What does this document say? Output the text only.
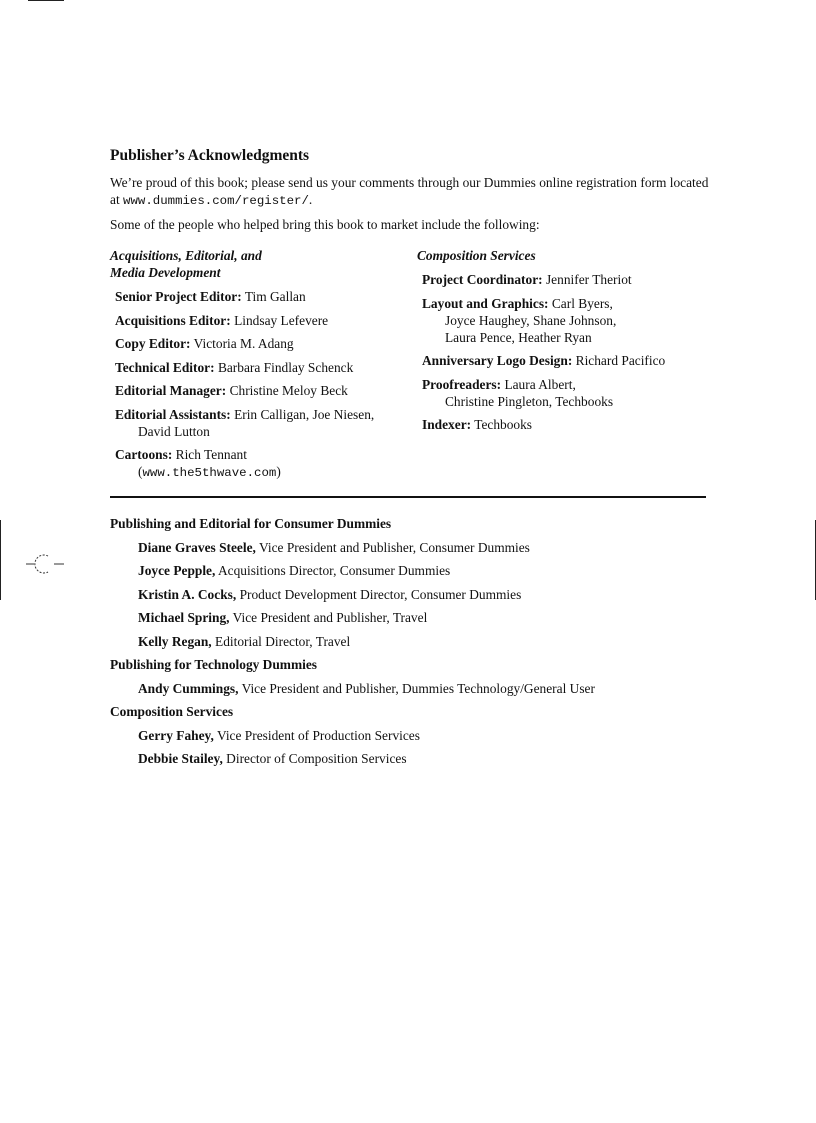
Publisher’s Acknowledgments

We’re proud of this book; please send us your comments through our Dummies online registration form located at www.dummies.com/register/.

Some of the people who helped bring this book to market include the following:

Acquisitions, Editorial, and
Media Development
Senior Project Editor: Tim Gallan
Acquisitions Editor: Lindsay Lefevere
Copy Editor: Victoria M. Adang
Technical Editor: Barbara Findlay Schenck
Editorial Manager: Christine Meloy Beck
Editorial Assistants: Erin Calligan, Joe Niesen,
David Lutton
Cartoons: Rich Tennant
(www.the5thwave.com)
Composition Services
Project Coordinator: Jennifer Theriot
Layout and Graphics: Carl Byers,
Joyce Haughey, Shane Johnson,
Laura Pence, Heather Ryan
Anniversary Logo Design: Richard Pacifico
Proofreaders: Laura Albert,
Christine Pingleton, Techbooks
Indexer: Techbooks
Publishing and Editorial for Consumer Dummies
Diane Graves Steele, Vice President and Publisher, Consumer Dummies
Joyce Pepple, Acquisitions Director, Consumer Dummies
Kristin A. Cocks, Product Development Director, Consumer Dummies
Michael Spring, Vice President and Publisher, Travel
Kelly Regan, Editorial Director, Travel
Publishing for Technology Dummies
Andy Cummings, Vice President and Publisher, Dummies Technology/General User
Composition Services
Gerry Fahey, Vice President of Production Services
Debbie Stailey, Director of Composition Services
